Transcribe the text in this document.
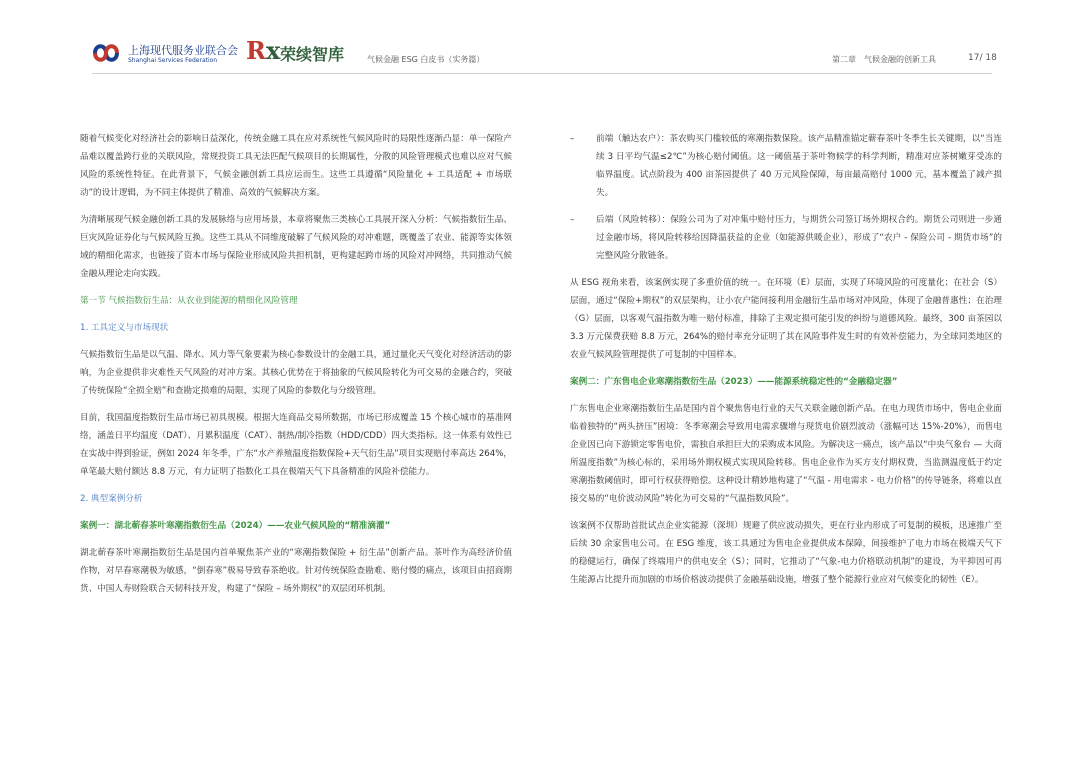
上海现代服务业联合会
Shanghai Services Federation Rx 荣续智库	气候金融 ESG 白皮书（实务篇）	第二章　气候金融的创新工具	17/ 18

随着气候变化对经济社会的影响日益深化，传统金融工具在应对系统性气候风险时的局限性逐渐凸显：单一保险产品难以覆盖跨行业的关联风险，常规投资工具无法匹配气候项目的长期属性，分散的风险管理模式也难以应对气候风险的系统性特征。在此背景下，气候金融创新工具应运而生。这些工具遵循“风险量化 + 工具适配 + 市场联动”的设计逻辑，为不同主体提供了精准、高效的气候解决方案。

为清晰展现气候金融创新工具的发展脉络与应用场景，本章将聚焦三类核心工具展开深入分析：气候指数衍生品、巨灾风险证券化与气候风险互换。这些工具从不同维度破解了气候风险的对冲难题，既覆盖了农业、能源等实体领域的精细化需求，也链接了资本市场与保险业形成风险共担机制，更构建起跨市场的风险对冲网络，共同推动气候金融从理论走向实践。

第一节 气候指数衍生品：从农业到能源的精细化风险管理
1. 工具定义与市场现状

气候指数衍生品是以气温、降水、风力等气象要素为核心参数设计的金融工具，通过量化天气变化对经济活动的影响，为企业提供非灾难性天气风险的对冲方案。其核心优势在于将抽象的气候风险转化为可交易的金融合约，突破了传统保险“全损全赔”和查勘定损难的局限，实现了风险的参数化与分级管理。

目前，我国温度指数衍生品市场已初具规模。根据大连商品交易所数据，市场已形成覆盖 15 个核心城市的基准网络，涵盖日平均温度（DAT）、月累积温度（CAT）、制热/制冷指数（HDD/CDD）四大类指标。这一体系有效性已在实战中得到验证，例如 2024 年冬季，广东“水产养殖温度指数保险+天气衍生品”项目实现赔付率高达 264%，单笔最大赔付额达 8.8 万元，有力证明了指数化工具在极端天气下具备精准的风险补偿能力。

2. 典型案例分析
案例一：湖北蕲春茶叶寒潮指数衍生品（2024）——农业气候风险的“精准滴灌”

湖北蕲春茶叶寒潮指数衍生品是国内首单聚焦茶产业的“寒潮指数保险 + 衍生品”创新产品。茶叶作为高经济价值作物，对早春寒潮极为敏感，“倒春寒”极易导致春茶绝收。针对传统保险查勘难、赔付慢的痛点，该项目由招商期货、中国人寿财险联合天韧科技开发，构建了“保险 – 场外期权”的双层闭环机制。

–	前端（触达农户）：茶农购买门槛较低的寒潮指数保险。该产品精准锚定蕲春茶叶冬季生长关键期，以“当连续 3 日平均气温≤2℃”为核心赔付阈值。这一阈值基于茶叶物候学的科学判断，精准对应茶树嫩芽受冻的临界温度。试点阶段为 400 亩茶园提供了 40 万元风险保障，每亩最高赔付 1000 元，基本覆盖了减产损失。
–	后端（风险转移）：保险公司为了对冲集中赔付压力，与期货公司签订场外期权合约。期货公司则进一步通过金融市场，将风险转移给因降温获益的企业（如能源供暖企业），形成了“农户 - 保险公司 - 期货市场”的完整风险分散链条。

从 ESG 视角来看，该案例实现了多重价值的统一。在环境（E）层面，实现了环境风险的可度量化；在社会（S）层面，通过“保险+期权”的双层架构，让小农户能间接利用金融衍生品市场对冲风险，体现了金融普惠性；在治理（G）层面，以客观气温指数为唯一赔付标准，排除了主观定损可能引发的纠纷与道德风险。最终，300 亩茶园以 3.3 万元保费获赔 8.8 万元，264%的赔付率充分证明了其在风险事件发生时的有效补偿能力，为全球同类地区的农业气候风险管理提供了可复制的中国样本。

案例二：广东售电企业寒潮指数衍生品（2023）——能源系统稳定性的“金融稳定器”

广东售电企业寒潮指数衍生品是国内首个聚焦售电行业的天气关联金融创新产品。在电力现货市场中，售电企业面临着独特的“两头挤压”困境：冬季寒潮会导致用电需求骤增与现货电价剧烈波动（涨幅可达 15%-20%），而售电企业因已向下游锁定零售电价，需独自承担巨大的采购成本风险。为解决这一痛点，该产品以“中央气象台 — 大商所温度指数”为核心标的，采用场外期权模式实现风险转移。售电企业作为买方支付期权费，当监测温度低于约定寒潮指数阈值时，即可行权获得赔偿。这种设计精妙地构建了“气温 - 用电需求 - 电力价格”的传导链条，将难以直接交易的“电价波动风险”转化为可交易的“气温指数风险”。

该案例不仅帮助首批试点企业实能源（深圳）规避了供应波动损失，更在行业内形成了可复制的模板，迅速推广至后续 30 余家售电公司。在 ESG 维度，该工具通过为售电企业提供成本保障，间接维护了电力市场在极端天气下的稳健运行，确保了终端用户的供电安全（S）；同时，它推动了“气象-电力价格联动机制”的建设，为平抑因可再生能源占比提升而加剧的市场价格波动提供了金融基础设施，增强了整个能源行业应对气候变化的韧性（E）。
